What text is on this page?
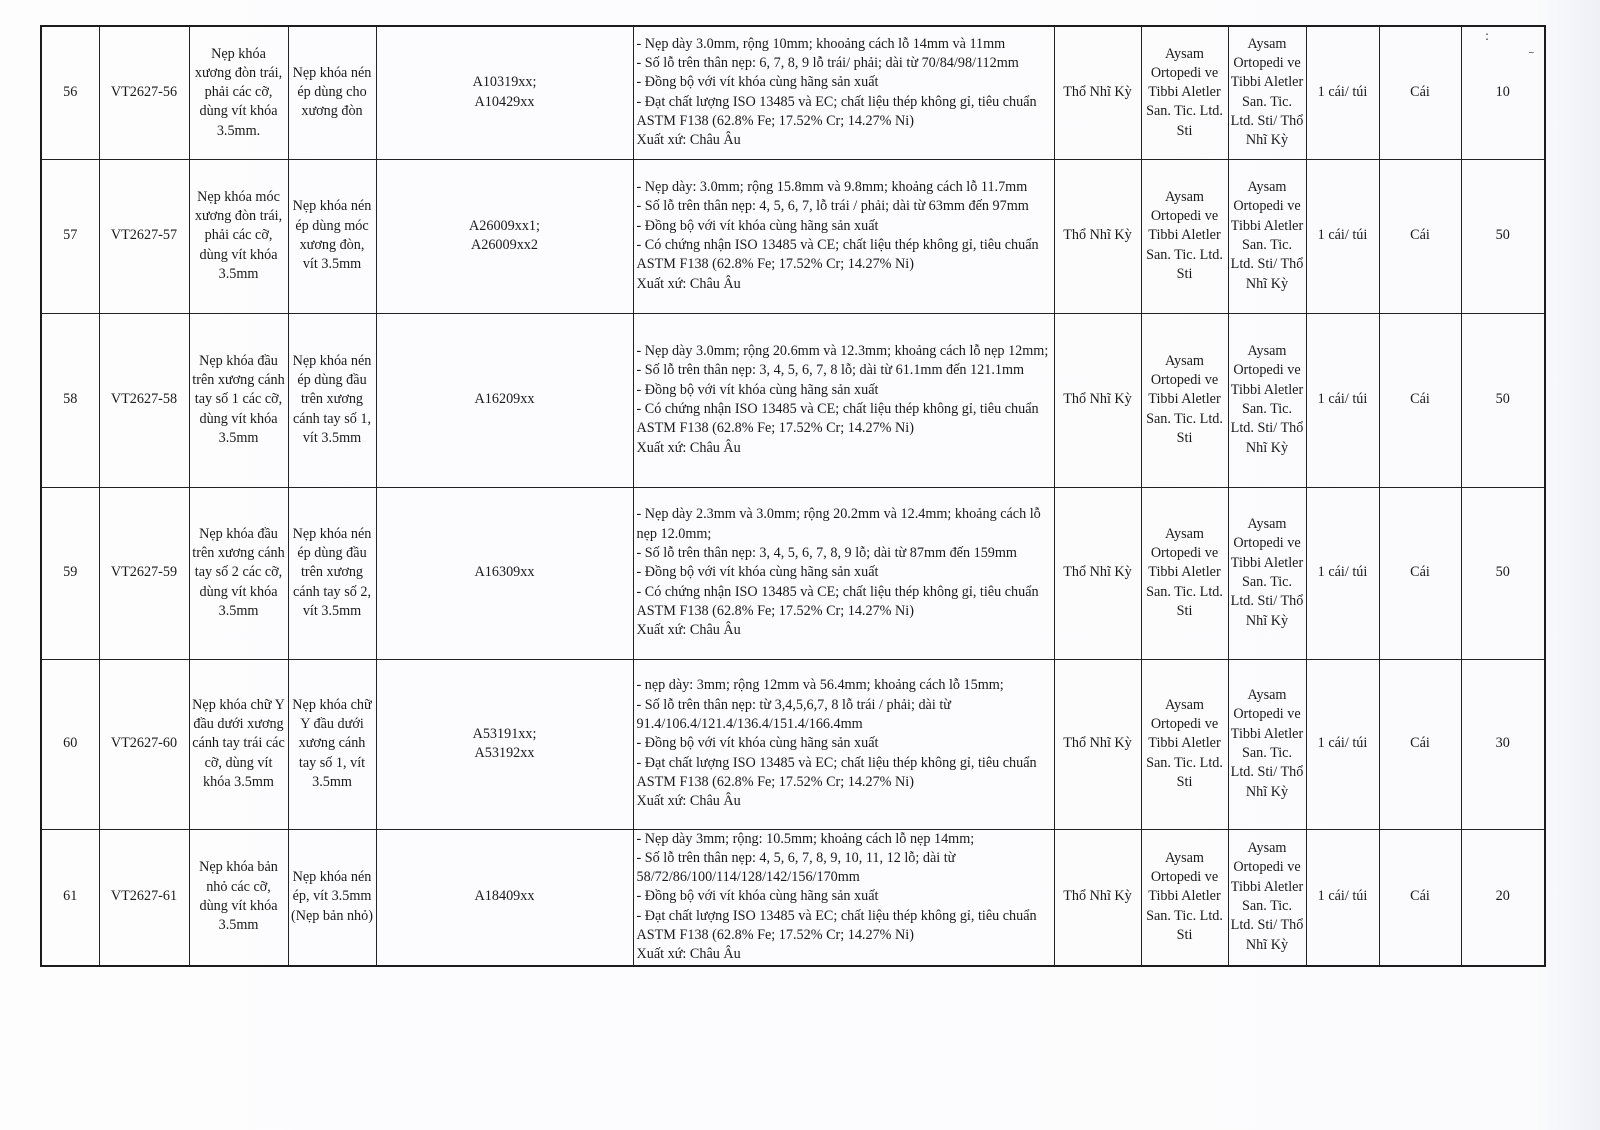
56	VT2627-56	Nẹp khóa xương đòn trái, phải các cỡ, dùng vít khóa 3.5mm.	Nẹp khóa nén ép dùng cho xương đòn	A10319xx;
A10429xx	- Nẹp dày 3.0mm, rộng 10mm; khooảng cách lỗ 14mm và 11mm
- Số lỗ trên thân nẹp: 6, 7, 8, 9 lỗ trái/ phải; dài từ 70/84/98/112mm
- Đồng bộ với vít khóa cùng hãng sản xuất
- Đạt chất lượng ISO 13485 và EC; chất liệu thép không gỉ, tiêu chuẩn ASTM F138 (62.8% Fe; 17.52% Cr; 14.27% Ni)
Xuất xứ: Châu Âu	Thổ Nhĩ Kỳ	Aysam Ortopedi ve Tibbi Aletler San. Tic. Ltd. Sti	Aysam Ortopedi ve Tibbi Aletler San. Tic. Ltd. Sti/ Thổ Nhĩ Kỳ	1 cái/ túi	Cái	10
57	VT2627-57	Nẹp khóa móc xương đòn trái, phải các cỡ, dùng vít khóa 3.5mm	Nẹp khóa nén ép dùng móc xương đòn, vít 3.5mm	A26009xx1;
A26009xx2	- Nẹp dày: 3.0mm; rộng 15.8mm và 9.8mm; khoảng cách lỗ 11.7mm
- Số lỗ trên thân nẹp: 4, 5, 6, 7, lỗ trái / phải; dài từ 63mm đến 97mm
- Đồng bộ với vít khóa cùng hãng sản xuất
- Có chứng nhận ISO 13485 và CE; chất liệu thép không gỉ, tiêu chuẩn ASTM F138 (62.8% Fe; 17.52% Cr; 14.27% Ni)
Xuất xứ: Châu Âu	Thổ Nhĩ Kỳ	Aysam Ortopedi ve Tibbi Aletler San. Tic. Ltd. Sti	Aysam Ortopedi ve Tibbi Aletler San. Tic. Ltd. Sti/ Thổ Nhĩ Kỳ	1 cái/ túi	Cái	50
58	VT2627-58	Nẹp khóa đầu trên xương cánh tay số 1 các cỡ, dùng vít khóa 3.5mm	Nẹp khóa nén ép dùng đầu trên xương cánh tay số 1, vít 3.5mm	A16209xx	- Nẹp dày 3.0mm; rộng 20.6mm và 12.3mm; khoảng cách lỗ nẹp 12mm;
- Số lỗ trên thân nẹp: 3, 4, 5, 6, 7, 8 lỗ; dài từ 61.1mm đến 121.1mm
- Đồng bộ với vít khóa cùng hãng sản xuất
- Có chứng nhận ISO 13485 và CE; chất liệu thép không gỉ, tiêu chuẩn ASTM F138 (62.8% Fe; 17.52% Cr; 14.27% Ni)
Xuất xứ: Châu Âu	Thổ Nhĩ Kỳ	Aysam Ortopedi ve Tibbi Aletler San. Tic. Ltd. Sti	Aysam Ortopedi ve Tibbi Aletler San. Tic. Ltd. Sti/ Thổ Nhĩ Kỳ	1 cái/ túi	Cái	50
59	VT2627-59	Nẹp khóa đầu trên xương cánh tay số 2 các cỡ, dùng vít khóa 3.5mm	Nẹp khóa nén ép dùng đầu trên xương cánh tay số 2, vít 3.5mm	A16309xx	- Nẹp dày 2.3mm và 3.0mm; rộng 20.2mm và 12.4mm; khoảng cách lỗ nẹp 12.0mm;
- Số lỗ trên thân nẹp: 3, 4, 5, 6, 7, 8, 9 lỗ; dài từ 87mm đến 159mm
- Đồng bộ với vít khóa cùng hãng sản xuất
- Có chứng nhận ISO 13485 và CE; chất liệu thép không gỉ, tiêu chuẩn ASTM F138 (62.8% Fe; 17.52% Cr; 14.27% Ni)
Xuất xứ: Châu Âu	Thổ Nhĩ Kỳ	Aysam Ortopedi ve Tibbi Aletler San. Tic. Ltd. Sti	Aysam Ortopedi ve Tibbi Aletler San. Tic. Ltd. Sti/ Thổ Nhĩ Kỳ	1 cái/ túi	Cái	50
60	VT2627-60	Nẹp khóa chữ Y đầu dưới xương cánh tay trái các cỡ, dùng vít khóa 3.5mm	Nẹp khóa chữ Y đầu dưới xương cánh tay số 1, vít 3.5mm	A53191xx;
A53192xx	- nẹp dày: 3mm; rộng 12mm và 56.4mm; khoảng cách lỗ 15mm;
- Số lỗ trên thân nẹp: từ 3,4,5,6,7, 8 lỗ trái / phải; dài từ 91.4/106.4/121.4/136.4/151.4/166.4mm
- Đồng bộ với vít khóa cùng hãng sản xuất
- Đạt chất lượng ISO 13485 và EC; chất liệu thép không gỉ, tiêu chuẩn ASTM F138 (62.8% Fe; 17.52% Cr; 14.27% Ni)
Xuất xứ: Châu Âu	Thổ Nhĩ Kỳ	Aysam Ortopedi ve Tibbi Aletler San. Tic. Ltd. Sti	Aysam Ortopedi ve Tibbi Aletler San. Tic. Ltd. Sti/ Thổ Nhĩ Kỳ	1 cái/ túi	Cái	30
61	VT2627-61	Nẹp khóa bản nhỏ các cỡ, dùng vít khóa 3.5mm	Nẹp khóa nén ép, vít 3.5mm (Nẹp bản nhỏ)	A18409xx	- Nẹp dày 3mm; rộng: 10.5mm; khoảng cách lỗ nẹp 14mm;
- Số lỗ trên thân nẹp: 4, 5, 6, 7, 8, 9, 10, 11, 12 lỗ; dài từ 58/72/86/100/114/128/142/156/170mm
- Đồng bộ với vít khóa cùng hãng sản xuất
- Đạt chất lượng ISO 13485 và EC; chất liệu thép không gỉ, tiêu chuẩn ASTM F138 (62.8% Fe; 17.52% Cr; 14.27% Ni)
Xuất xứ: Châu Âu	Thổ Nhĩ Kỳ	Aysam Ortopedi ve Tibbi Aletler San. Tic. Ltd. Sti	Aysam Ortopedi ve Tibbi Aletler San. Tic. Ltd. Sti/ Thổ Nhĩ Kỳ	1 cái/ túi	Cái	20
:
~
